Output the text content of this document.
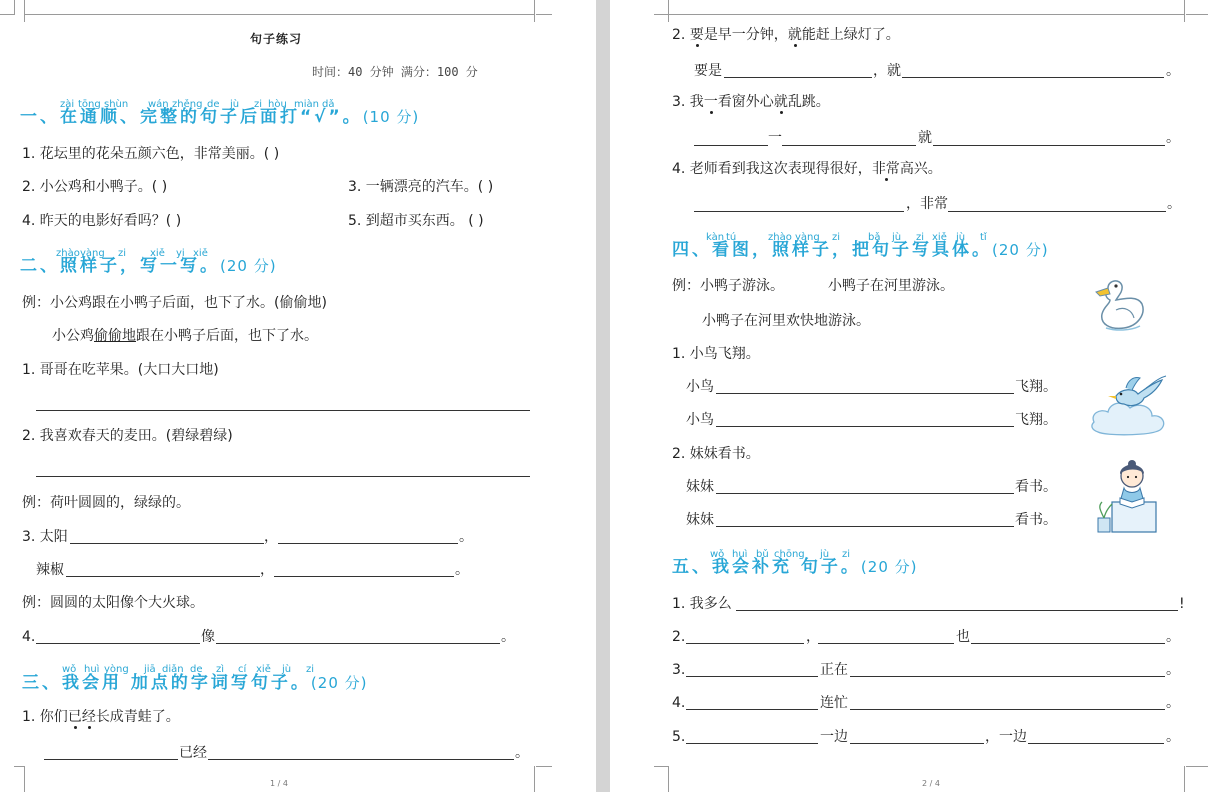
句子练习
时间：40 分钟 满分：100 分
zài tōng shùn wán zhěng de jù zi hòu miàn dǎ
一、在通顺、完整的句子后面打“√”。(10 分)
1. 花坛里的花朵五颜六色，非常美丽。( )
2. 小公鸡和小鸭子。( )	3. 一辆漂亮的汽车。( )
4. 昨天的电影好看吗？( )	5. 到超市买东西。 ( )
zhào yàng zi xiě yi xiě
二、照样子，写一写。(20 分)
例：小公鸡跟在小鸭子后面，也下了水。(偷偷地)
小公鸡偷偷地跟在小鸭子后面，也下了水。
1. 哥哥在吃苹果。(大口大口地)
2. 我喜欢春天的麦田。(碧绿碧绿)
例：荷叶圆圆的，绿绿的。
3. 太阳	，	。
辣椒	，	。
例：圆圆的太阳像个大火球。
4.	像	。
wǒ huì yòng jiā diǎn de zì cí xiě jù zi
三、我会用 加点的字词写句子。(20 分)
1. 你们已经长成青蛙了。
已经	。
1 / 4
2. 要是早一分钟，就能赶上绿灯了。
要是	，就	。
3. 我一看窗外心就乱跳。
一	就	。
4. 老师看到我这次表现得很好，非常高兴。
，非常	。
kàn tú	zhào yàng zi	bǎ jù zi xiě jù tǐ
四、看图，照样子，把句子写具体。(20 分)
例：小鸭子游泳。	小鸭子在河里游泳。
小鸭子在河里欢快地游泳。
1. 小鸟飞翔。
小鸟	飞翔。
小鸟	飞翔。
2. 妹妹看书。
妹妹	看书。
妹妹	看书。
wǒ huì bǔ chōng jù zi
五、我会补充 句子。(20 分)
1. 我多么	!
2.	，	也	。
3.	正在	。
4.	连忙	。
5.	一边	，一边	。
2 / 4
